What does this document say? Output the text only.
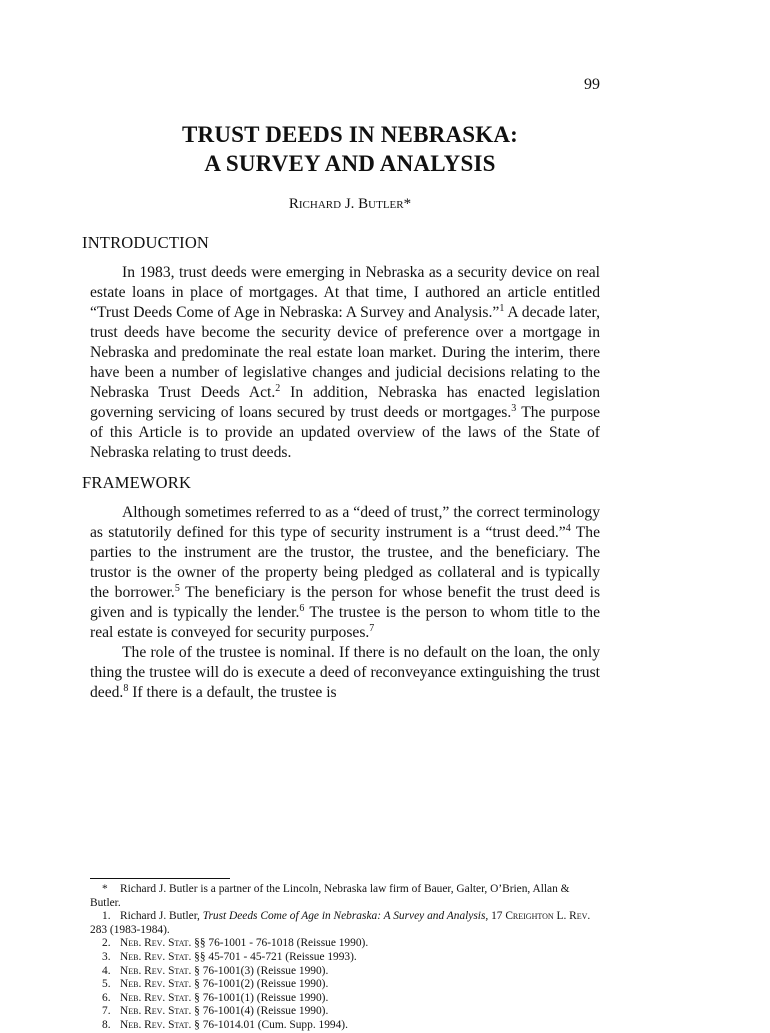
99
TRUST DEEDS IN NEBRASKA:
A SURVEY AND ANALYSIS
Richard J. Butler*
INTRODUCTION

In 1983, trust deeds were emerging in Nebraska as a security device on real estate loans in place of mortgages. At that time, I authored an article entitled “Trust Deeds Come of Age in Nebraska: A Survey and Analysis.”$^1$ A decade later, trust deeds have become the security device of preference over a mortgage in Nebraska and predominate the real estate loan market. During the interim, there have been a number of legislative changes and judicial decisions relating to the Nebraska Trust Deeds Act.$^2$ In addition, Nebraska has enacted legislation governing servicing of loans secured by trust deeds or mortgages.$^3$ The purpose of this Article is to provide an updated overview of the laws of the State of Nebraska relating to trust deeds.

FRAMEWORK

Although sometimes referred to as a “deed of trust,” the correct terminology as statutorily defined for this type of security instrument is a “trust deed.”$^4$ The parties to the instrument are the trustor, the trustee, and the beneficiary. The trustor is the owner of the property being pledged as collateral and is typically the borrower.$^5$ The beneficiary is the person for whose benefit the trust deed is given and is typically the lender.$^6$ The trustee is the person to whom title to the real estate is conveyed for security purposes.$^7$

The role of the trustee is nominal. If there is no default on the loan, the only thing the trustee will do is execute a deed of reconveyance extinguishing the trust deed.$^8$ If there is a default, the trustee is

* Richard J. Butler is a partner of the Lincoln, Nebraska law firm of Bauer, Galter, O’Brien, Allan & Butler.
1. Richard J. Butler, Trust Deeds Come of Age in Nebraska: A Survey and Analysis, 17 Creighton L. Rev. 283 (1983-1984).
2. Neb. Rev. Stat. §§ 76-1001 - 76-1018 (Reissue 1990).
3. Neb. Rev. Stat. §§ 45-701 - 45-721 (Reissue 1993).
4. Neb. Rev. Stat. § 76-1001(3) (Reissue 1990).
5. Neb. Rev. Stat. § 76-1001(2) (Reissue 1990).
6. Neb. Rev. Stat. § 76-1001(1) (Reissue 1990).
7. Neb. Rev. Stat. § 76-1001(4) (Reissue 1990).
8. Neb. Rev. Stat. § 76-1014.01 (Cum. Supp. 1994).
